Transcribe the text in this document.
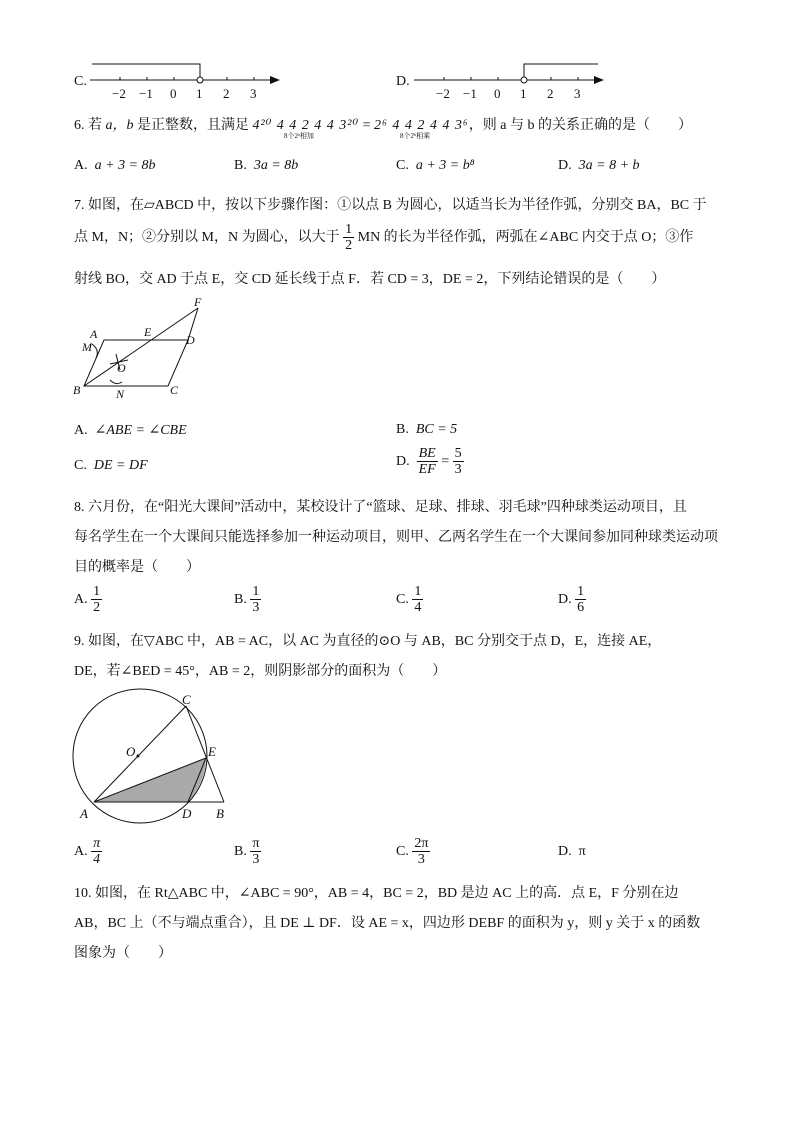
C.
−2 −1 0 1 2 3
D.
−2 −1 0 1 2 3
6. 若 a，b 是正整数，且满足 4²⁰ 4 4 2 4 4 3²⁰ = 2⁶ 4 4 2 4 4 3⁶，则 a 与 b 的关系正确的是（　　）
8个2ᵃ相加	8个2ᵇ相乘
A. a + 3 = 8b	B. 3a = 8b	C. a + 3 = b⁸	D. 3a = 8 + b
7. 如图，在▱ABCD 中，按以下步骤作图：①以点 B 为圆心，以适当长为半径作弧，分别交 BA，BC 于
点 M，N；②分别以 M，N 为圆心，以大于 $\frac{1}{2}$ MN 的长为半径作弧，两弧在∠ABC 内交于点 O；③作
射线 BO，交 AD 于点 E，交 CD 延长线于点 F．若 CD = 3，DE = 2，下列结论错误的是（　　）
F
A	E
D
M
O
B	N	C
A. ∠ABE = ∠CBE	B. BC = 5
C. DE = DF	D. $\frac{BE}{EF} = \frac{5}{3}$
8. 六月份，在“阳光大课间”活动中，某校设计了“篮球、足球、排球、羽毛球”四种球类运动项目，且
每名学生在一个大课间只能选择参加一种运动项目，则甲、乙两名学生在一个大课间参加同种球类运动项
目的概率是（　　）
A. $\frac{1}{2}$	B. $\frac{1}{3}$	C. $\frac{1}{4}$	D. $\frac{1}{6}$
9. 如图，在▽ABC 中，AB = AC，以 AC 为直径的⊙O 与 AB，BC 分别交于点 D，E，连接 AE，
DE，若∠BED = 45°，AB = 2，则阴影部分的面积为（　　）
C
O	E
A	D B
A. $\frac{\pi}{4}$	B. $\frac{\pi}{3}$	C. $\frac{2\pi}{3}$	D. π
10. 如图，在 Rt△ABC 中，∠ABC = 90°，AB = 4，BC = 2，BD 是边 AC 上的高．点 E，F 分别在边
AB，BC 上（不与端点重合），且 DE ⊥ DF．设 AE = x，四边形 DEBF 的面积为 y，则 y 关于 x 的函数
图象为（　　）
